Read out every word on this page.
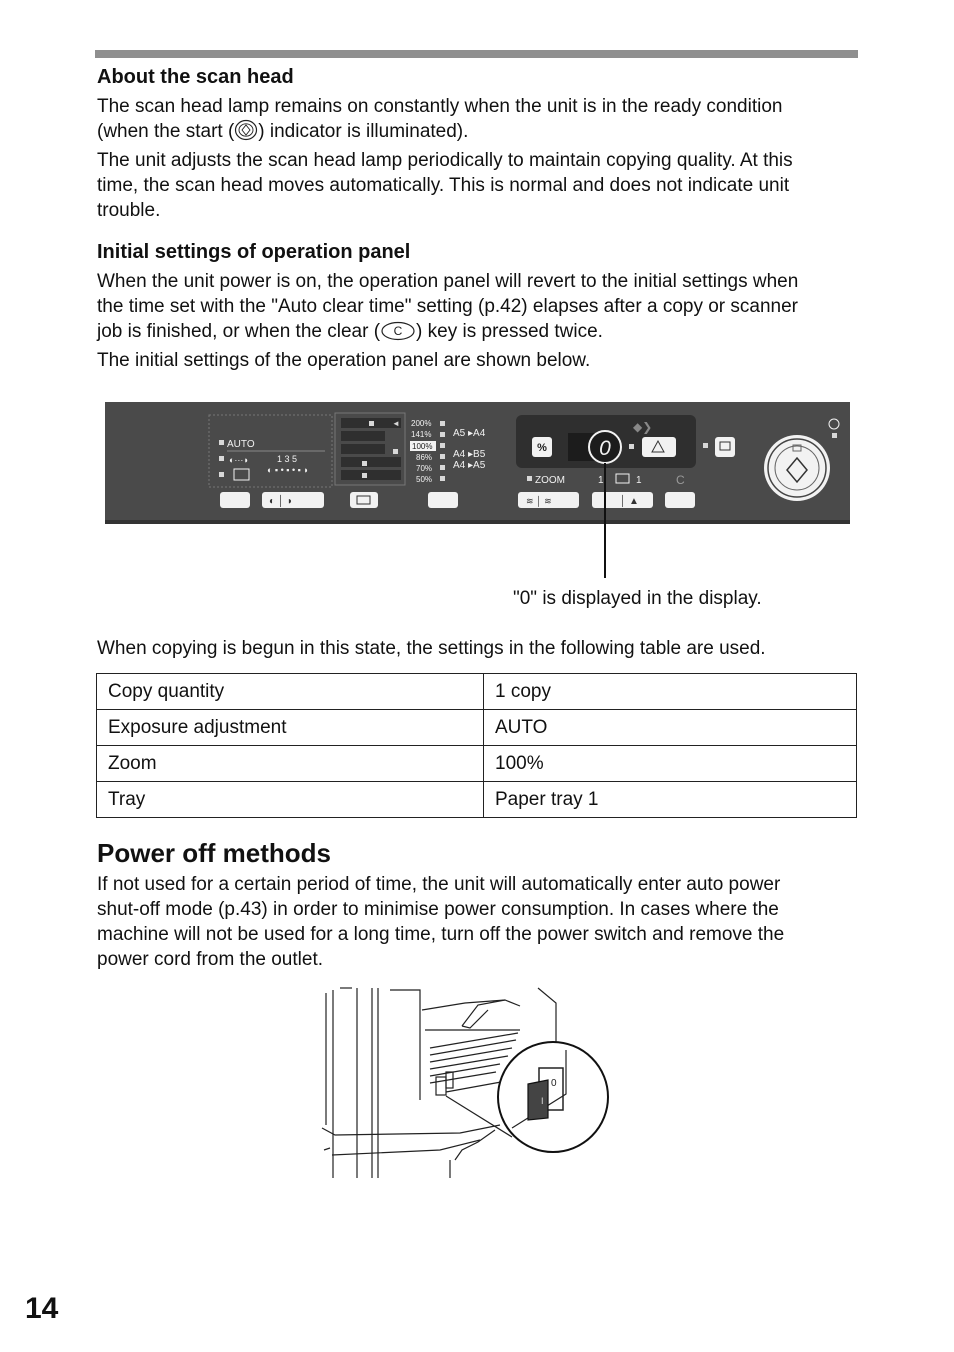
About the scan head
The scan head lamp remains on constantly when the unit is in the ready condition
(when the start ( ) indicator is illuminated).
The unit adjusts the scan head lamp periodically to maintain copying quality. At this
time, the scan head moves automatically. This is normal and does not indicate unit
trouble.
Initial settings of operation panel
When the unit power is on, the operation panel will revert to the initial settings when
the time set with the "Auto clear time" setting (p.42) elapses after a copy or scanner
job is finished, or when the clear ( C ) key is pressed twice.
The initial settings of the operation panel are shown below.
AUTO
◐···◗	1 3 5
◐ ▪ • ▪ • ▪ ◗
◐ │ ◗
◄ 200%
141%
100%
86%
70%
50%
A5 ▸A4
A4 ▸B5
A4 ▸A5
◆❯
% 0
ZOOM	1	1	C
≋ │ ≋	│ ▲
"0" is displayed in the display.
When copying is begun in this state, the settings in the following table are used.
Copy quantity	1 copy
Exposure adjustment	AUTO
Zoom	100%
Tray	Paper tray 1
Power off methods
If not used for a certain period of time, the unit will automatically enter auto power
shut-off mode (p.43) in order to minimise power consumption. In cases where the
machine will not be used for a long time, turn off the power switch and remove the
power cord from the outlet.
I
0
14
